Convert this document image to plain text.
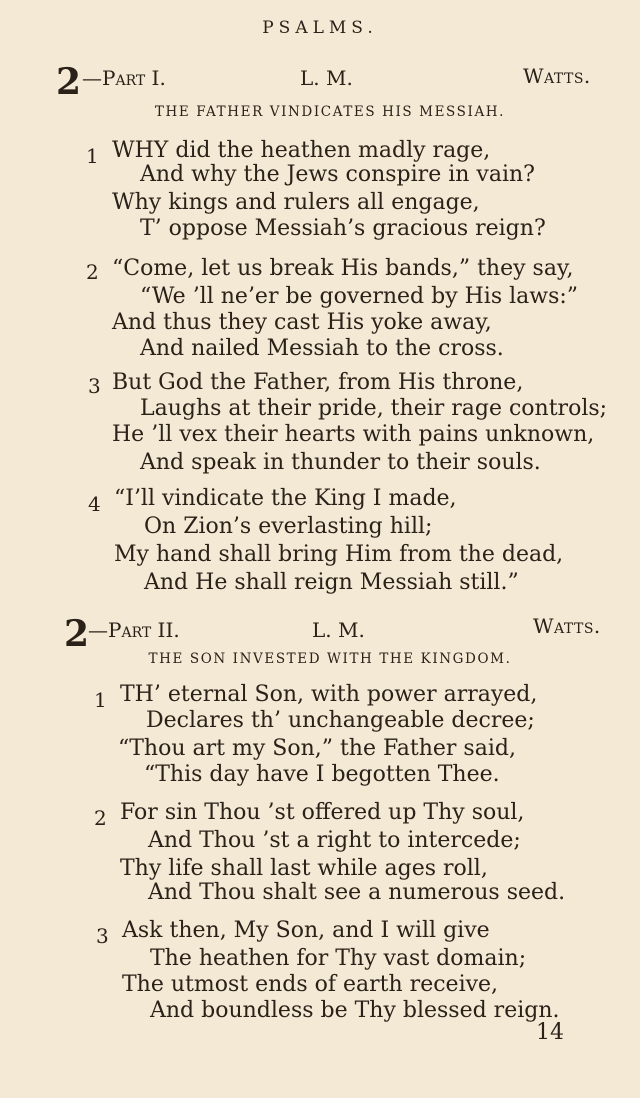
PSALMS.
2 —Part I.	L. M.	Watts.
THE FATHER VINDICATES HIS MESSIAH.
1 WHY did the heathen madly rage,
And why the Jews conspire in vain?
Why kings and rulers all engage,
T’ oppose Messiah’s gracious reign?
2 “Come, let us break His bands,” they say,
“We ’ll ne’er be governed by His laws:”
And thus they cast His yoke away,
And nailed Messiah to the cross.
3 But God the Father, from His throne,
Laughs at their pride, their rage controls;
He ’ll vex their hearts with pains unknown,
And speak in thunder to their souls.
4 “I’ll vindicate the King I made,
On Zion’s everlasting hill;
My hand shall bring Him from the dead,
And He shall reign Messiah still.”
2
—Part II.	L. M.	Watts.
THE SON INVESTED WITH THE KINGDOM.
1 TH’ eternal Son, with power arrayed,
Declares th’ unchangeable decree;
“Thou art my Son,” the Father said,
“This day have I begotten Thee.
2 For sin Thou ’st offered up Thy soul,
And Thou ’st a right to intercede;
Thy life shall last while ages roll,
And Thou shalt see a numerous seed.
3 Ask then, My Son, and I will give
The heathen for Thy vast domain;
The utmost ends of earth receive,
And boundless be Thy blessed reign.
14
